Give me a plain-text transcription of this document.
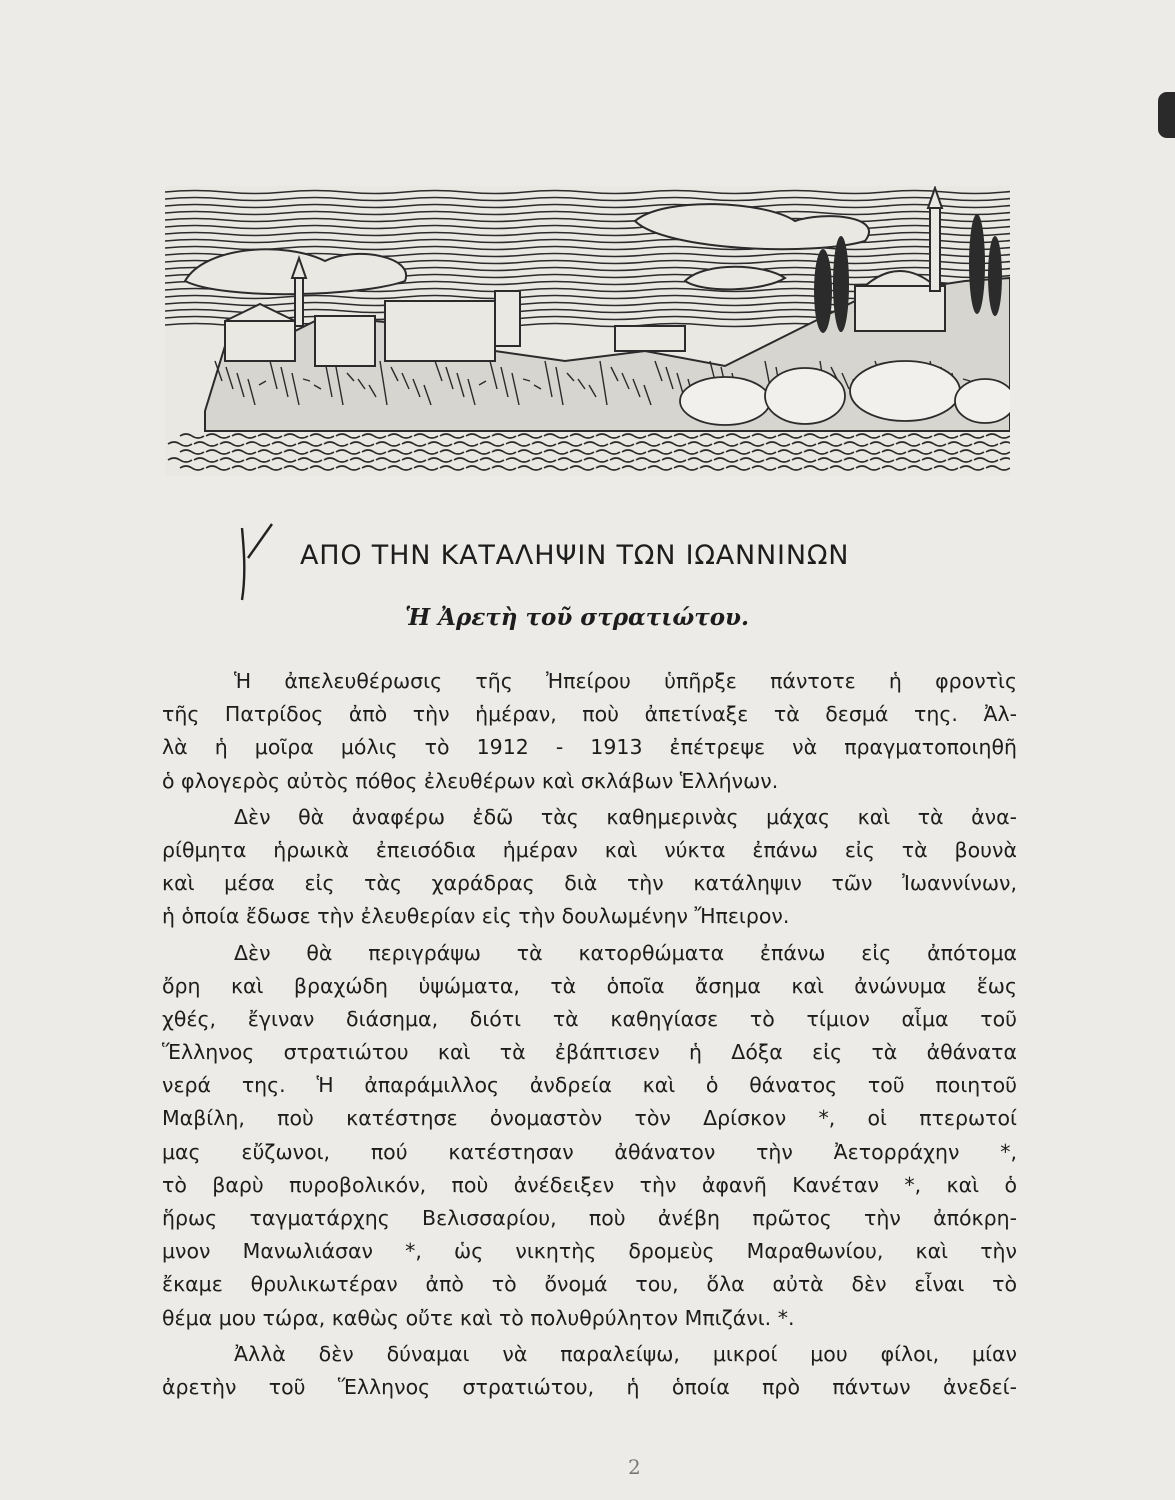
ΑΠΟ ΤΗΝ ΚΑΤΑΛΗΨΙΝ ΤΩΝ ΙΩΑΝΝΙΝΩΝ
Ἡ Ἀρετὴ τοῦ στρατιώτου.
Ἡ ἀπελευθέρωσις τῆς Ἠπείρου ὑπῆρξε πάντοτε ἡ φροντὶς
τῆς Πατρίδος ἀπὸ τὴν ἡμέραν, ποὺ ἀπετίναξε τὰ δεσμά της. Ἀλ-
λὰ ἡ μοῖρα μόλις τὸ 1912 - 1913 ἐπέτρεψε νὰ πραγματοποιηθῆ
ὁ φλογερὸς αὐτὸς πόθος ἐλευθέρων καὶ σκλάβων Ἑλλήνων.
Δὲν θὰ ἀναφέρω ἐδῶ τὰς καθημερινὰς μάχας καὶ τὰ ἀνα-
ρίθμητα ἡρωικὰ ἐπεισόδια ἡμέραν καὶ νύκτα ἐπάνω εἰς τὰ βουνὰ
καὶ μέσα εἰς τὰς χαράδρας διὰ τὴν κατάληψιν τῶν Ἰωαννίνων,
ἡ ὁποία ἔδωσε τὴν ἐλευθερίαν εἰς τὴν δουλωμένην Ἤπειρον.
Δὲν θὰ περιγράψω τὰ κατορθώματα ἐπάνω εἰς ἀπότομα
ὄρη καὶ βραχώδη ὑψώματα, τὰ ὁποῖα ἄσημα καὶ ἀνώνυμα ἕως
χθές, ἔγιναν διάσημα, διότι τὰ καθηγίασε τὸ τίμιον αἷμα τοῦ
Ἕλληνος στρατιώτου καὶ τὰ ἐβάπτισεν ἡ Δόξα εἰς τὰ ἀθάνατα
νερά της. Ἡ ἀπαράμιλλος ἀνδρεία καὶ ὁ θάνατος τοῦ ποιητοῦ
Μαβίλη, ποὺ κατέστησε ὀνομαστὸν τὸν Δρίσκον *, οἱ πτερωτοί
μας εὔζωνοι, πού κατέστησαν ἀθάνατον τὴν Ἀετορράχην *,
τὸ βαρὺ πυροβολικόν, ποὺ ἀνέδειξεν τὴν ἀφανῆ Κανέταν *, καὶ ὁ
ἥρως ταγματάρχης Βελισσαρίου, ποὺ ἀνέβη πρῶτος τὴν ἀπόκρη-
μνον Μανωλιάσαν *, ὡς νικητὴς δρομεὺς Μαραθωνίου, καὶ τὴν
ἔκαμε θρυλικωτέραν ἀπὸ τὸ ὄνομά του, ὅλα αὐτὰ δὲν εἶναι τὸ
θέμα μου τώρα, καθὼς οὔτε καὶ τὸ πολυθρύλητον Μπιζάνι. *.
Ἀλλὰ δὲν δύναμαι νὰ παραλείψω, μικροί μου φίλοι, μίαν
ἀρετὴν τοῦ Ἕλληνος στρατιώτου, ἡ ὁποία πρὸ πάντων ἀνεδεί-
2
